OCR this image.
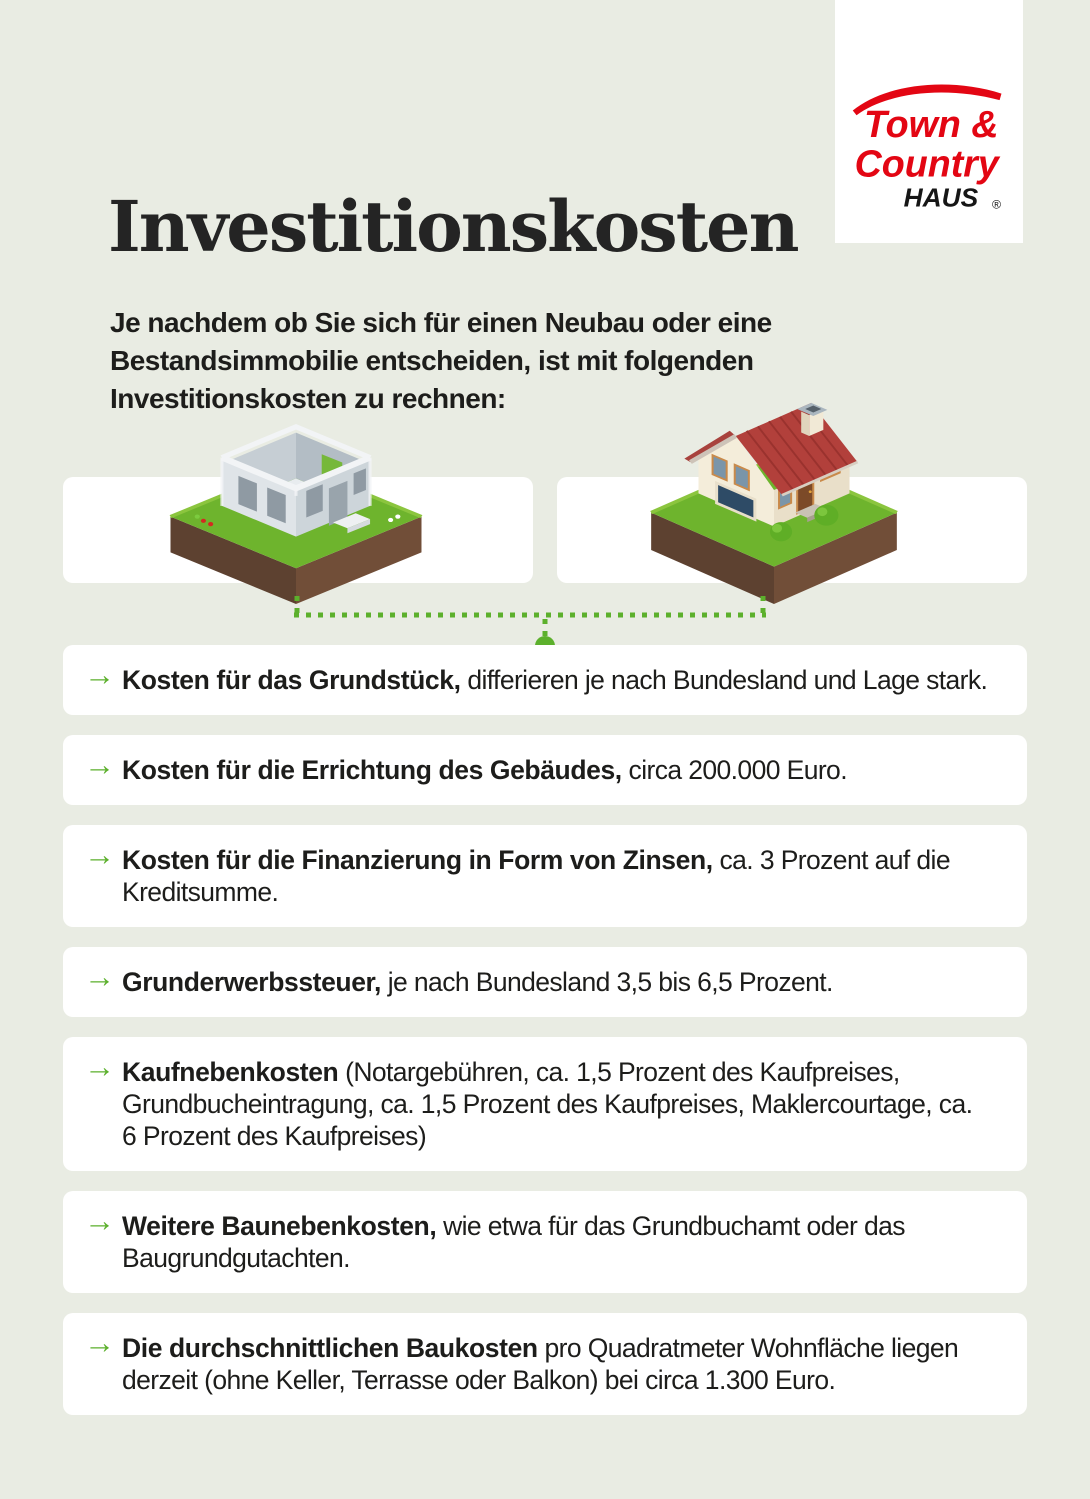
Town &
Country
HAUS ®
Investitionskosten

Je nachdem ob Sie sich für einen Neubau oder eine Bestandsimmobilie entscheiden, ist mit folgenden Investitionskosten zu rechnen:

→ Kosten für das Grundstück, differieren je nach Bundesland und Lage stark.

→ Kosten für die Errichtung des Gebäudes, circa 200.000 Euro.

→ Kosten für die Finanzierung in Form von Zinsen, ca. 3 Prozent auf die Kreditsumme.

→ Grunderwerbssteuer, je nach Bundesland 3,5 bis 6,5 Prozent.

→ Kaufnebenkosten (Notargebühren, ca. 1,5 Prozent des Kaufpreises, Grundbucheintragung, ca. 1,5 Prozent des Kaufpreises, Maklercourtage, ca. 6 Prozent des Kaufpreises)

→ Weitere Baunebenkosten, wie etwa für das Grundbuchamt oder das Baugrundgutachten.

→ Die durchschnittlichen Baukosten pro Quadratmeter Wohnfläche liegen derzeit (ohne Keller, Terrasse oder Balkon) bei circa 1.300 Euro.
